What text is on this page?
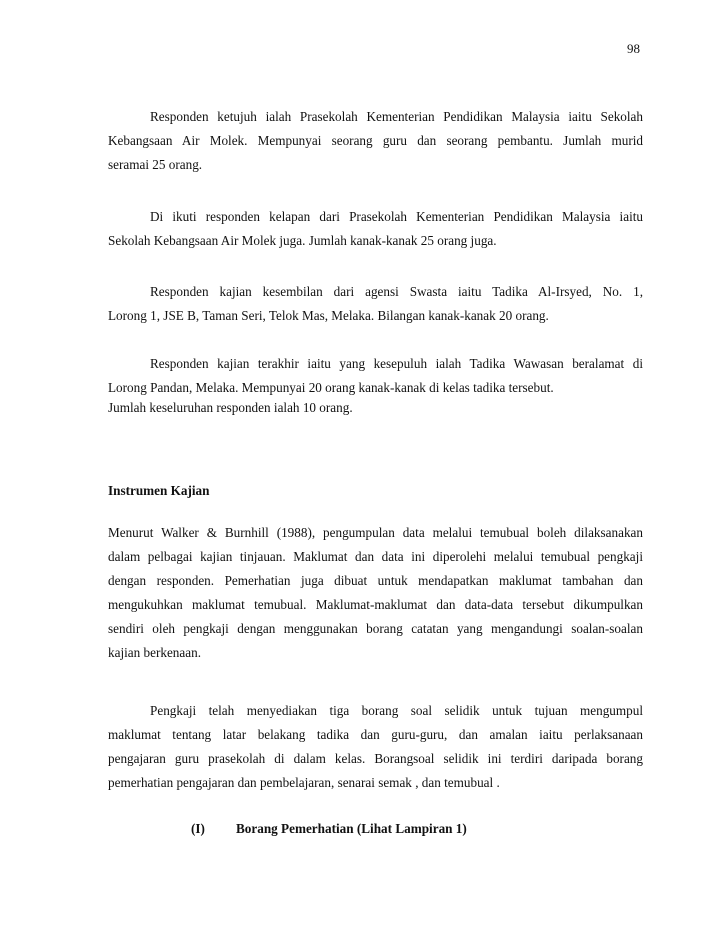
98
Responden ketujuh ialah Prasekolah Kementerian Pendidikan Malaysia iaitu Sekolah
Kebangsaan Air Molek. Mempunyai seorang guru dan seorang pembantu. Jumlah murid
seramai 25 orang.
Di ikuti responden kelapan dari Prasekolah Kementerian Pendidikan Malaysia iaitu
Sekolah Kebangsaan Air Molek juga. Jumlah kanak-kanak 25 orang juga.
Responden kajian kesembilan dari agensi Swasta iaitu Tadika Al-Irsyed, No. 1,
Lorong 1, JSE B, Taman Seri, Telok Mas, Melaka. Bilangan kanak-kanak 20 orang.
Responden kajian terakhir iaitu yang kesepuluh ialah Tadika Wawasan beralamat di
Lorong Pandan, Melaka. Mempunyai 20 orang kanak-kanak di kelas tadika tersebut.
Jumlah keseluruhan responden ialah 10 orang.
Instrumen Kajian
Menurut Walker & Burnhill (1988), pengumpulan data melalui temubual boleh dilaksanakan
dalam pelbagai kajian tinjauan. Maklumat dan data ini diperolehi melalui temubual pengkaji
dengan responden. Pemerhatian juga dibuat untuk mendapatkan maklumat tambahan dan
mengukuhkan maklumat temubual. Maklumat-maklumat dan data-data tersebut dikumpulkan
sendiri oleh pengkaji dengan menggunakan borang catatan yang mengandungi soalan-soalan
kajian berkenaan.
Pengkaji telah menyediakan tiga borang soal selidik untuk tujuan mengumpul
maklumat tentang latar belakang tadika dan guru-guru, dan amalan iaitu perlaksanaan
pengajaran guru prasekolah di dalam kelas. Borangsoal selidik ini terdiri daripada borang
pemerhatian pengajaran dan pembelajaran, senarai semak , dan temubual .
(I) Borang Pemerhatian (Lihat Lampiran 1)
